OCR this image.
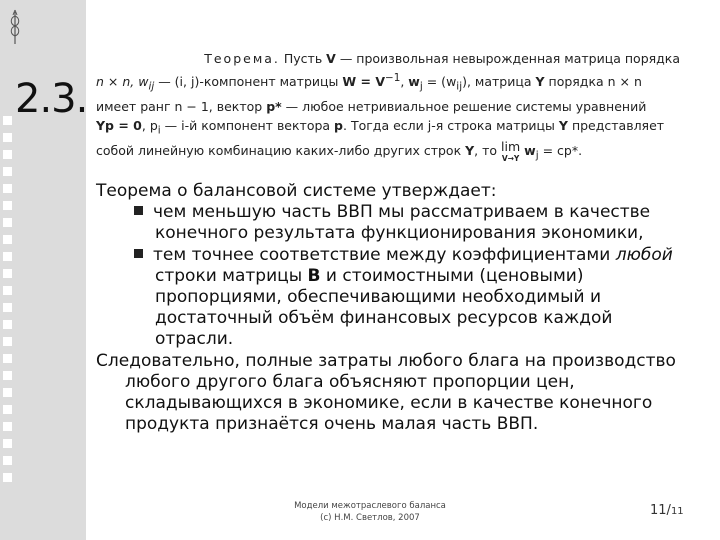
2.3.
Теорема. Пусть V — произвольная невырожденная матрица порядка
n × n, $w_{ij}$ — (i, j)-компонент матрицы $W = V^{-1}$, $w_j = (w_{ij})$, матрица Y порядка n × n
имеет ранг n − 1, вектор p* — любое нетривиальное решение системы уравнений
Yp = 0, $p_i$ — i-й компонент вектора p. Тогда если j-я строка матрицы Y представляет
собой линейную комбинацию каких-либо других строк Y, то lim
V→Y
$w_j = cp*$.
Теорема о балансовой системе утверждает:
чем меньшую часть ВВП мы рассматриваем в качестве
конечного результата функционирования экономики,
тем точнее соответствие между коэффициентами любой
строки матрицы B и стоимостными (ценовыми)
пропорциями, обеспечивающими необходимый и
достаточный объём финансовых ресурсов каждой
отрасли.
Следовательно, полные затраты любого блага на производство
любого другого блага объясняют пропорции цен,
складывающихся в экономике, если в качестве конечного
продукта признаётся очень малая часть ВВП.
Модели межотраслевого баланса
(c) Н.М. Светлов, 2007	11/11
